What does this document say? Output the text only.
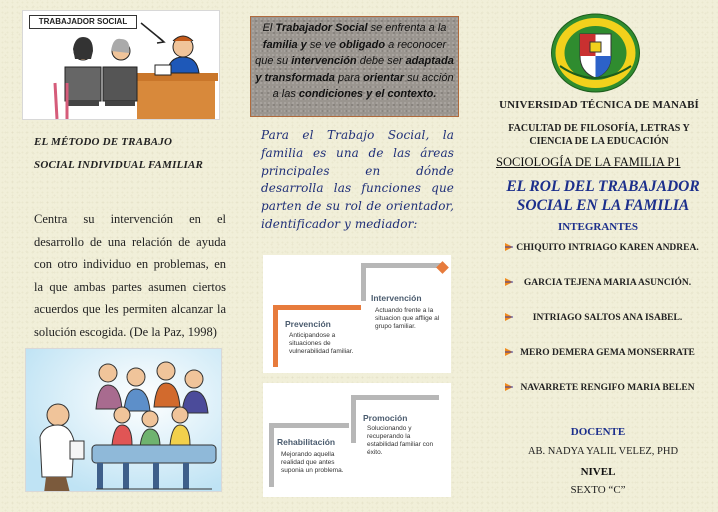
TRABAJADOR SOCIAL
EL MÉTODO DE TRABAJO SOCIAL INDIVIDUAL FAMILIAR
Centra su intervención en el desarrollo de una relación de ayuda con otro individuo en problemas, en la que ambas partes asumen ciertos acuerdos que les permiten alcanzar la solución escogida. (De la Paz, 1998)
El Trabajador Social se enfrenta a la familia y se ve obligado a reconocer que su intervención debe ser adaptada y transformada para orientar su acción a las condiciones y el contexto.
Para el Trabajo Social, la familia es una de las áreas principales en dónde desarrolla las funciones que parten de su rol de orientador, identificador y mediador:
Intervención
Actuando frente a la situacion que afflige al grupo familiar.
Prevención
Anticipandose a situaciones de vulnerabilidad familiar.
Promoción
Solucionando y recuperando la estabilidad familiar con éxito.
Rehabilitación
Mejorando aquella realidad que antes suponia un problema.
UNIVERSIDAD TÉCNICA DE MANABÍ
FACULTAD DE FILOSOFÍA, LETRAS Y CIENCIA DE LA EDUCACIÓN
SOCIOLOGÍA DE LA FAMILIA P1
EL ROL DEL TRABAJADOR SOCIAL EN LA FAMILIA
INTEGRANTES
CHIQUITO INTRIAGO KAREN ANDREA.
GARCIA TEJENA MARIA ASUNCIÓN.
INTRIAGO SALTOS ANA ISABEL.
MERO DEMERA GEMA MONSERRATE
NAVARRETE RENGIFO MARIA BELEN
DOCENTE
AB. NADYA YALIL VELEZ, PHD
NIVEL
SEXTO “C”
